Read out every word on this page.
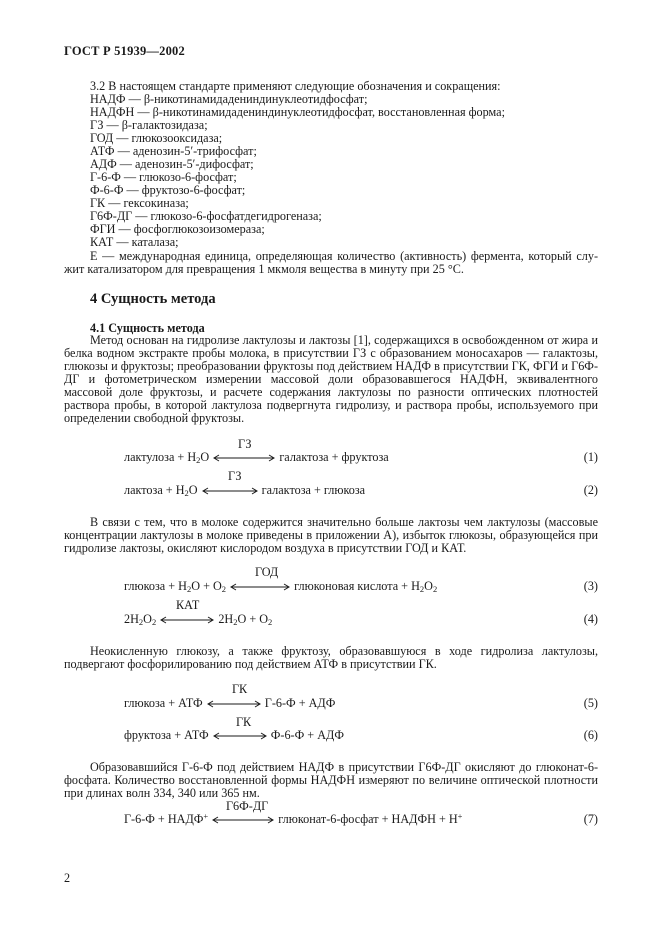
ГОСТ Р 51939—2002
3.2 В настоящем стандарте применяют следующие обозначения и сокращения:
НАДФ — β-никотинамидадениндинуклеотидфосфат;
НАДФН — β-никотинамидадениндинуклеотидфосфат, восстановленная форма;
ГЗ — β-галактозидаза;
ГОД — глюкозооксидаза;
АТФ — аденозин-5′-трифосфат;
АДФ — аденозин-5′-дифосфат;
Г-6-Ф — глюкозо-6-фосфат;
Ф-6-Ф — фруктозо-6-фосфат;
ГК — гексокиназа;
Г6Ф-ДГ — глюкозо-6-фосфатдегидрогеназа;
ФГИ — фосфоглюкозоизомераза;
КАТ — каталаза;
Е — международная единица, определяющая количество (активность) фермента, который слу-
жит катализатором для превращения 1 мкмоля вещества в минуту при 25 °С.
4 Сущность метода
4.1 Сущность метода
Метод основан на гидролизе лактулозы и лактозы [1], содержащихся в освобожденном от жира и белка водном экстракте пробы молока, в присутствии ГЗ с образованием моносахаров — галактозы, глюкозы и фруктозы; преобразовании фруктозы под действием НАДФ в присутствии ГК, ФГИ и Г6Ф-ДГ и фотометрическом измерении массовой доли образовавшегося НАДФН, эквивалентного массовой доле фруктозы, и расчете содержания лактулозы по разности оптических плотностей раствора пробы, в которой лактулоза подвергнута гидролизу, и раствора пробы, используемого при определении свободной фруктозы.
ГЗ
лактулоза + $Н_2О$	галактоза + фруктоза	(1)
ГЗ
лактоза + $Н_2О$	галактоза + глюкоза	(2)
В связи с тем, что в молоке содержится значительно больше лактозы чем лактулозы (массовые концентрации лактулозы в молоке приведены в приложении А), избыток глюкозы, образующейся при гидролизе лактозы, окисляют кислородом воздуха в присутствии ГОД и КАТ.
ГОД
глюкоза + $Н_2О + О_2$	глюконовая кислота + $Н_2О_2$	(3)
КАТ
$2Н_2О_2$	$2Н_2О + О_2$	(4)
Неокисленную глюкозу, а также фруктозу, образовавшуюся в ходе гидролиза лактулозы, подвергают фосфорилированию под действием АТФ в присутствии ГК.
ГК
глюкоза + АТФ	Г-6-Ф + АДФ	(5)
ГК
фруктоза + АТФ	Ф-6-Ф + АДФ	(6)
Образовавшийся Г-6-Ф под действием НАДФ в присутствии Г6Ф-ДГ окисляют до глюконат-6-фосфата. Количество восстановленной формы НАДФН измеряют по величине оптической плотности при длинах волн 334, 340 или 365 нм.
Г6Ф-ДГ
Г-6-Ф + НАДФ+	глюконат-6-фосфат + НАДФН + Н+	(7)
2
